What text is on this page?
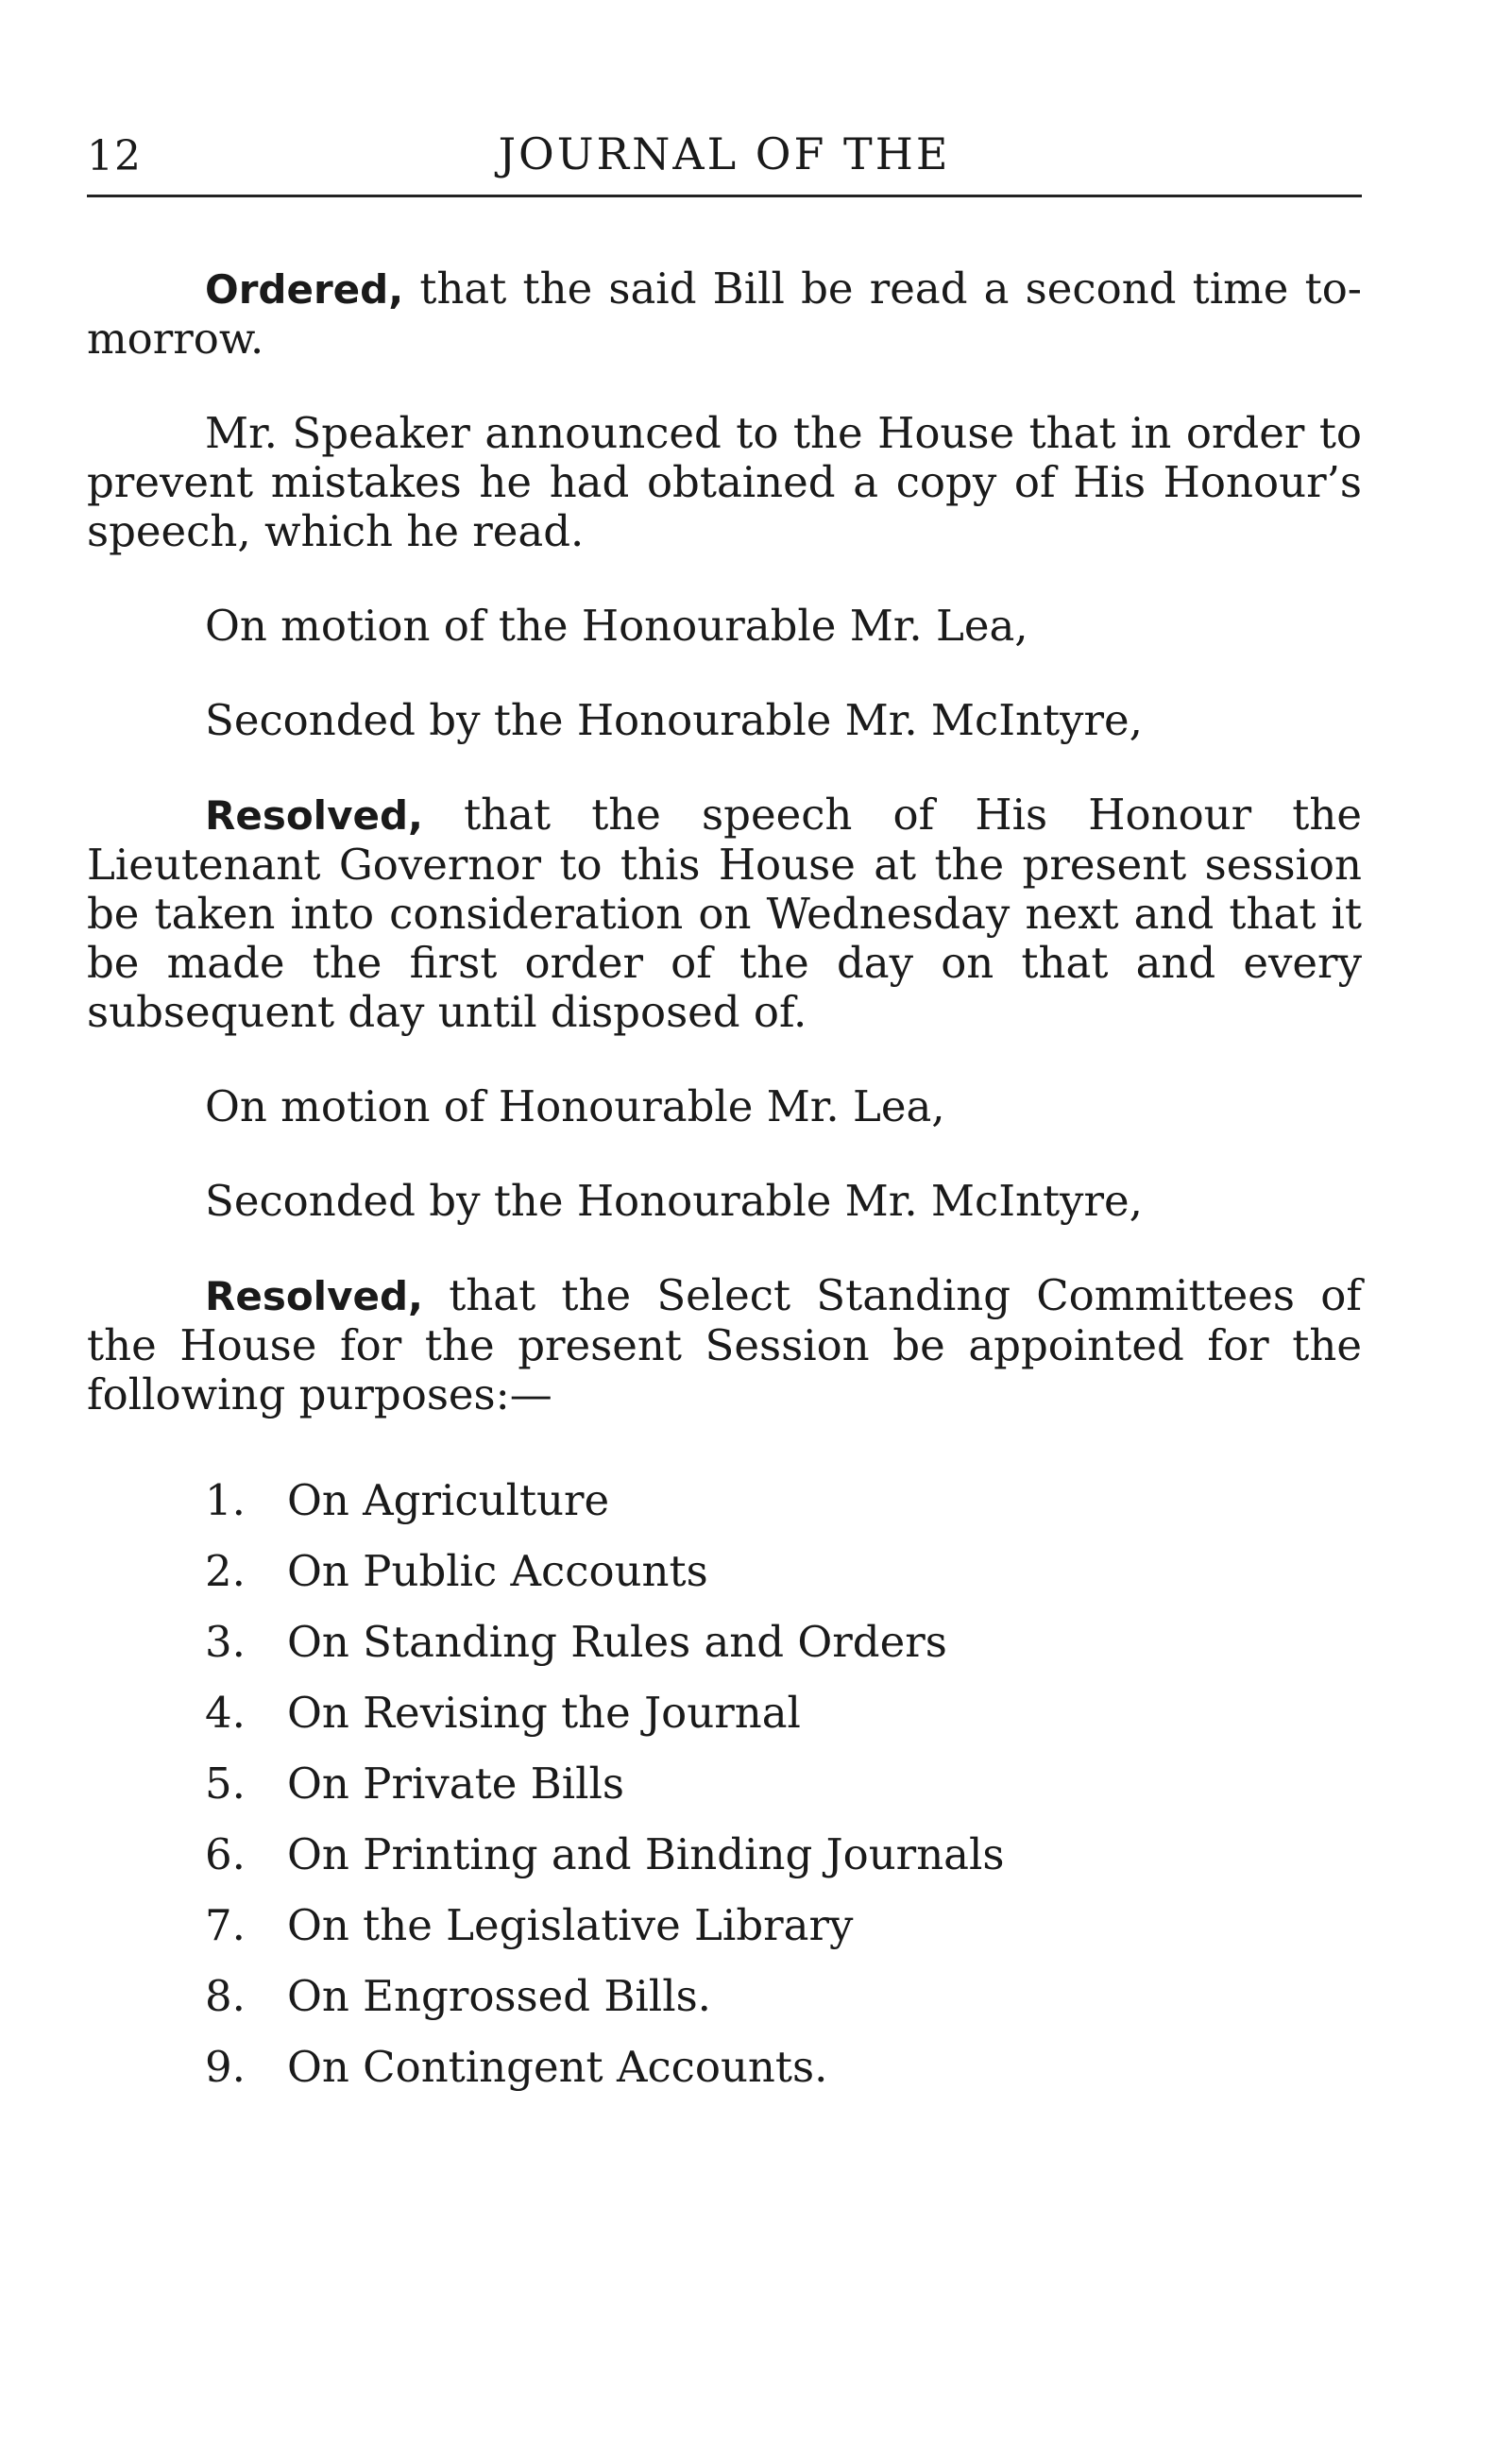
12	JOURNAL OF THE

Ordered, that the said Bill be read a second time to-morrow.

Mr. Speaker announced to the House that in order to prevent mistakes he had obtained a copy of His Honour’s speech, which he read.

On motion of the Honourable Mr. Lea,

Seconded by the Honourable Mr. McIntyre,

Resolved, that the speech of His Honour the Lieutenant Governor to this House at the present session be taken into consideration on Wednesday next and that it be made the first order of the day on that and every subsequent day until disposed of.

On motion of Honourable Mr. Lea,

Seconded by the Honourable Mr. McIntyre,

Resolved, that the Select Standing Committees of the House for the present Session be appointed for the following purposes:—

1. On Agriculture
2. On Public Accounts
3. On Standing Rules and Orders
4. On Revising the Journal
5. On Private Bills
6. On Printing and Binding Journals
7. On the Legislative Library
8. On Engrossed Bills.
9. On Contingent Accounts.
